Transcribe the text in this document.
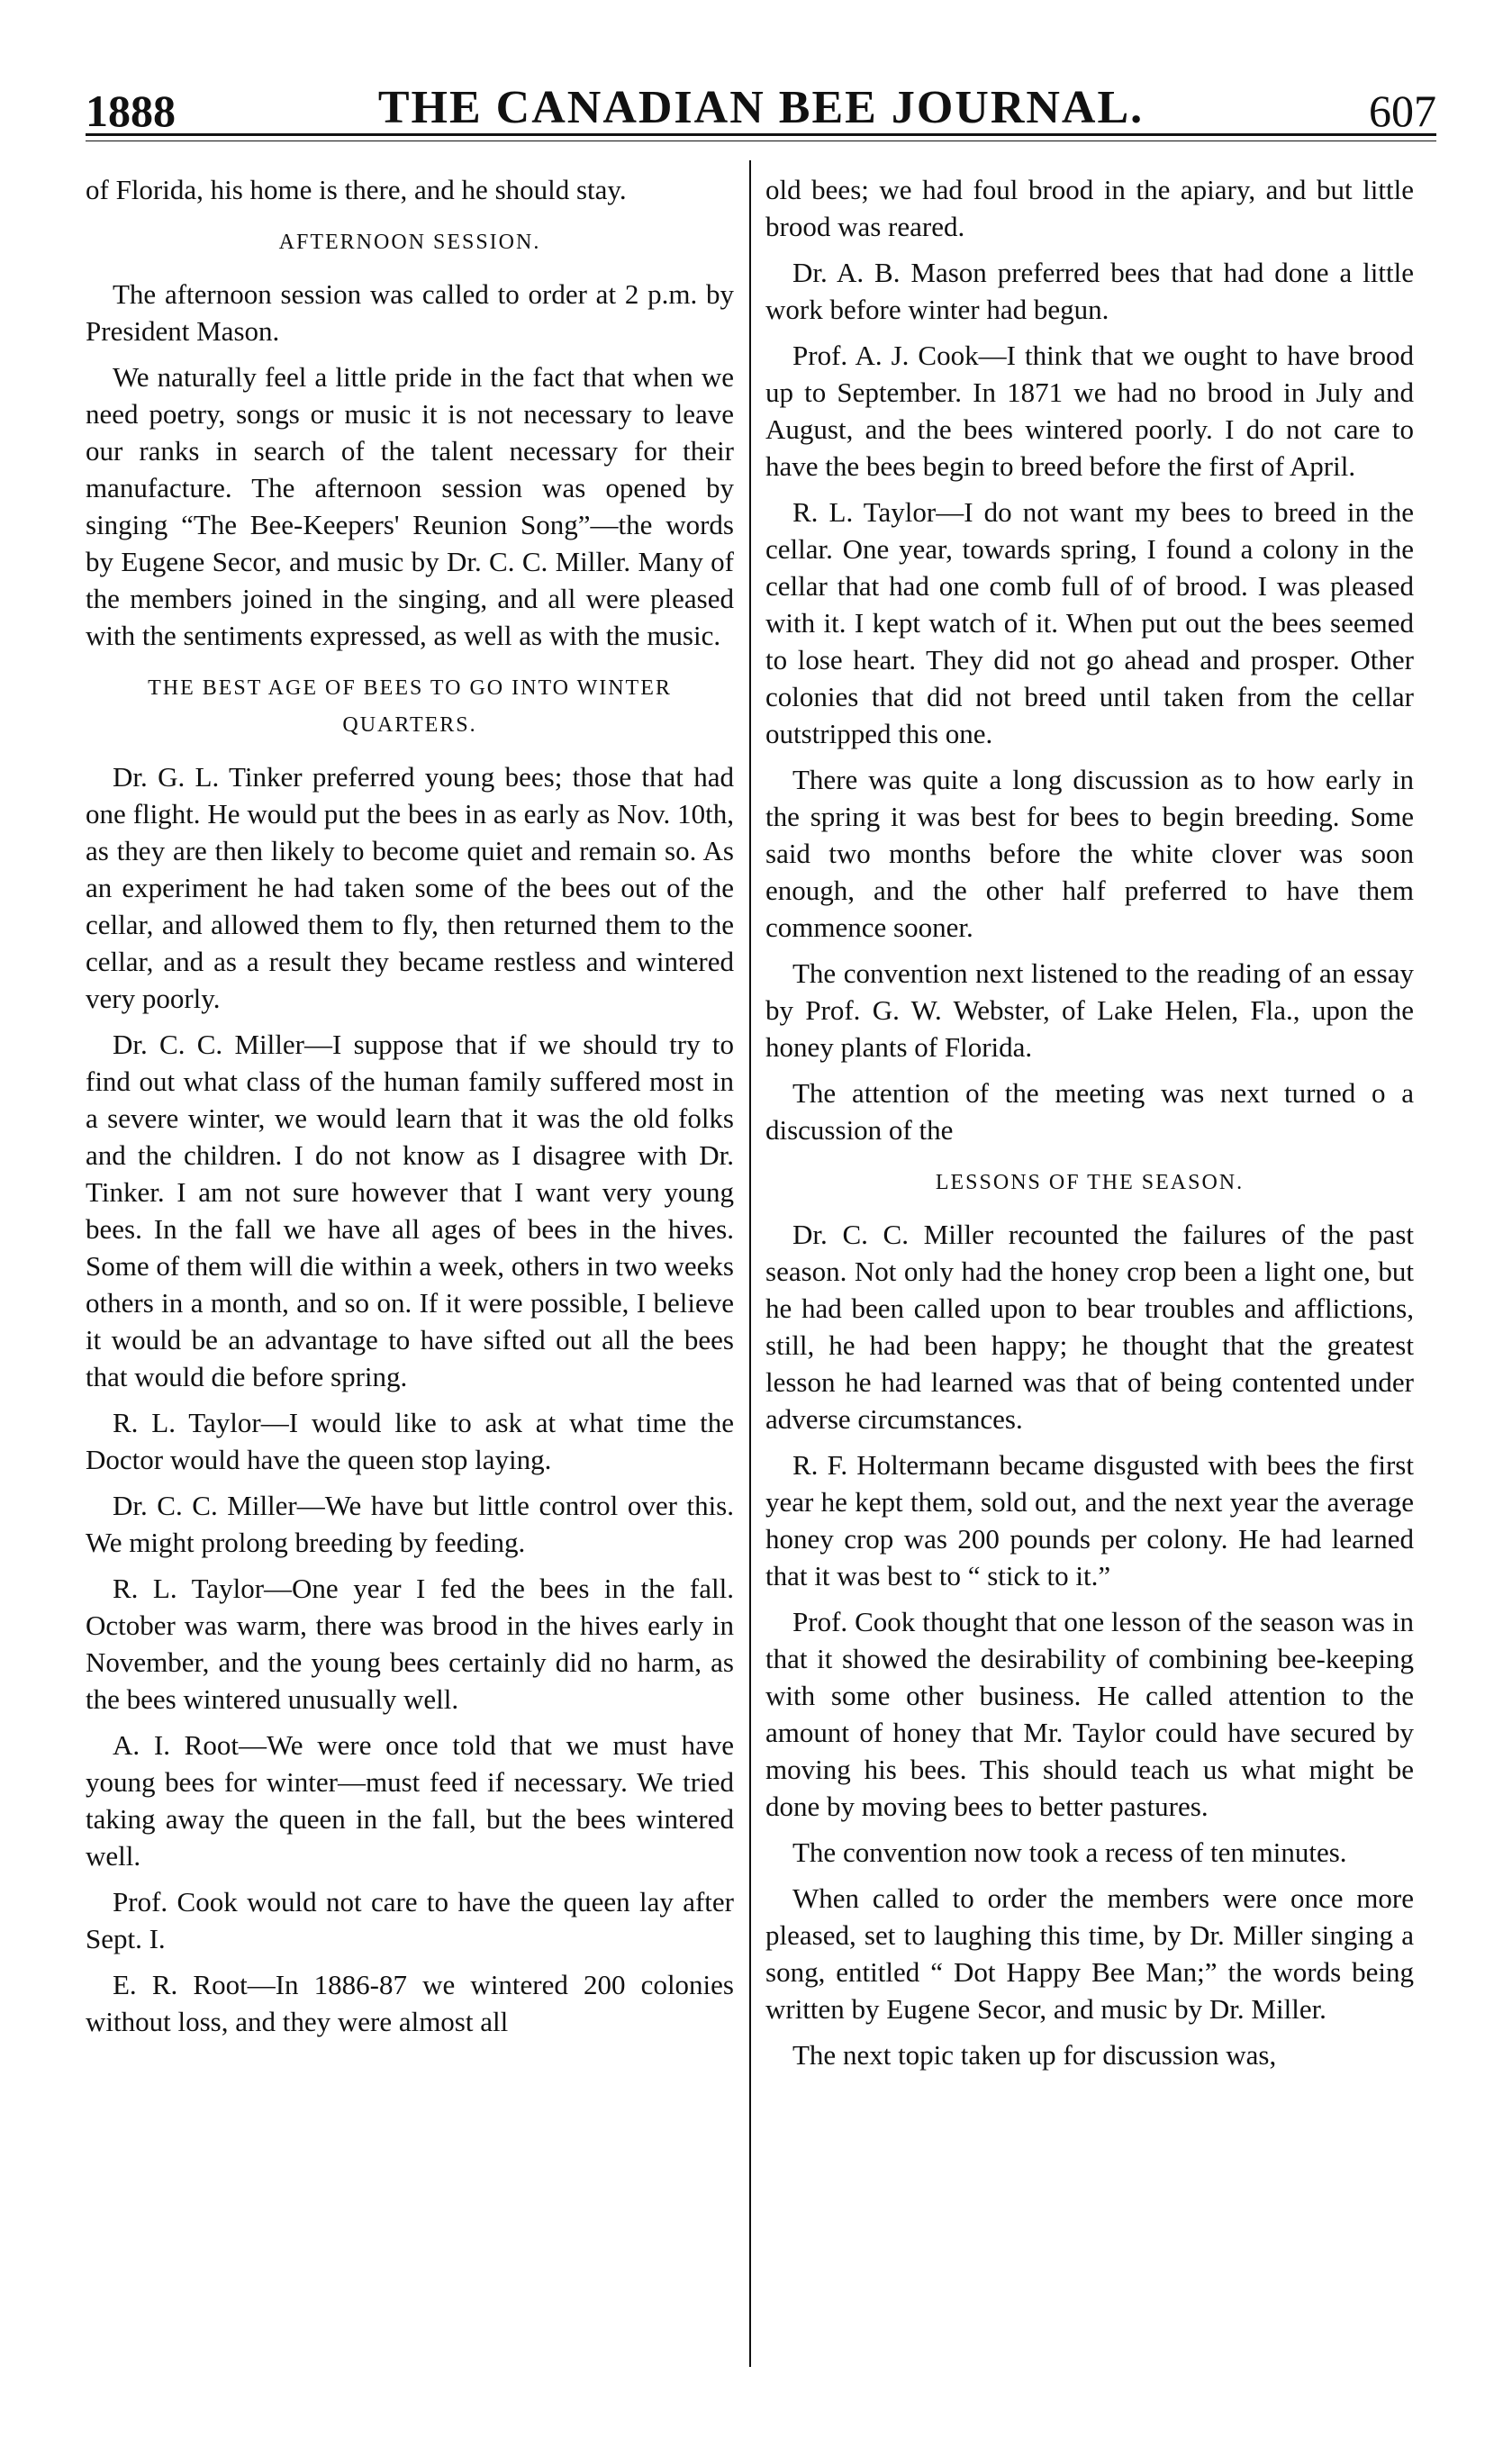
1888	THE CANADIAN BEE JOURNAL.	607

of Florida, his home is there, and he should stay.

AFTERNOON SESSION.

The afternoon session was called to order at 2 p.m. by President Mason.

We naturally feel a little pride in the fact that when we need poetry, songs or music it is not necessary to leave our ranks in search of the talent necessary for their manufacture. The afternoon session was opened by singing “The Bee-Keepers' Reunion Song”—the words by Eugene Secor, and music by Dr. C. C. Miller. Many of the members joined in the singing, and all were pleased with the sentiments expressed, as well as with the music.

THE BEST AGE OF BEES TO GO INTO WINTER QUARTERS.

Dr. G. L. Tinker preferred young bees; those that had one flight. He would put the bees in as early as Nov. 10th, as they are then likely to become quiet and remain so. As an experiment he had taken some of the bees out of the cellar, and allowed them to fly, then returned them to the cellar, and as a result they became restless and wintered very poorly.

Dr. C. C. Miller—I suppose that if we should try to find out what class of the human family suffered most in a severe winter, we would learn that it was the old folks and the children. I do not know as I disagree with Dr. Tinker. I am not sure however that I want very young bees. In the fall we have all ages of bees in the hives. Some of them will die within a week, others in two weeks others in a month, and so on. If it were possible, I believe it would be an advantage to have sifted out all the bees that would die before spring.

R. L. Taylor—I would like to ask at what time the Doctor would have the queen stop laying.

Dr. C. C. Miller—We have but little control over this. We might prolong breeding by feeding.

R. L. Taylor—One year I fed the bees in the fall. October was warm, there was brood in the hives early in November, and the young bees certainly did no harm, as the bees wintered unusually well.

A. I. Root—We were once told that we must have young bees for winter—must feed if necessary. We tried taking away the queen in the fall, but the bees wintered well.

Prof. Cook would not care to have the queen lay after Sept. I.

E. R. Root—In 1886-87 we wintered 200 colonies without loss, and they were almost all

old bees; we had foul brood in the apiary, and but little brood was reared.

Dr. A. B. Mason preferred bees that had done a little work before winter had begun.

Prof. A. J. Cook—I think that we ought to have brood up to September. In 1871 we had no brood in July and August, and the bees wintered poorly. I do not care to have the bees begin to breed before the first of April.

R. L. Taylor—I do not want my bees to breed in the cellar. One year, towards spring, I found a colony in the cellar that had one comb full of of brood. I was pleased with it. I kept watch of it. When put out the bees seemed to lose heart. They did not go ahead and prosper. Other colonies that did not breed until taken from the cellar outstripped this one.

There was quite a long discussion as to how early in the spring it was best for bees to begin breeding. Some said two months before the white clover was soon enough, and the other half preferred to have them commence sooner.

The convention next listened to the reading of an essay by Prof. G. W. Webster, of Lake Helen, Fla., upon the honey plants of Florida.

The attention of the meeting was next turned o a discussion of the

LESSONS OF THE SEASON.

Dr. C. C. Miller recounted the failures of the past season. Not only had the honey crop been a light one, but he had been called upon to bear troubles and afflictions, still, he had been happy; he thought that the greatest lesson he had learned was that of being contented under adverse circumstances.

R. F. Holtermann became disgusted with bees the first year he kept them, sold out, and the next year the average honey crop was 200 pounds per colony. He had learned that it was best to “ stick to it.”

Prof. Cook thought that one lesson of the season was in that it showed the desirability of combining bee-keeping with some other business. He called attention to the amount of honey that Mr. Taylor could have secured by moving his bees. This should teach us what might be done by moving bees to better pastures.

The convention now took a recess of ten minutes.

When called to order the members were once more pleased, set to laughing this time, by Dr. Miller singing a song, entitled “ Dot Happy Bee Man;” the words being written by Eugene Secor, and music by Dr. Miller.

The next topic taken up for discussion was,
